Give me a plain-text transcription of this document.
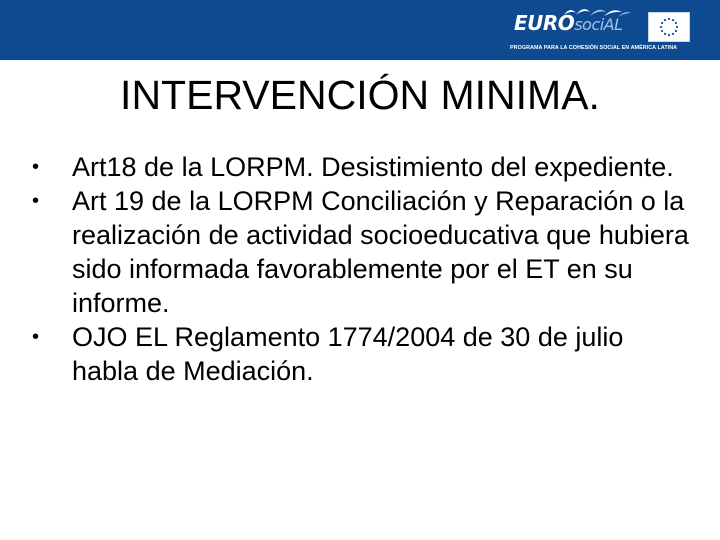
EUROsociAL
PROGRAMA PARA LA COHESIÓN SOCIAL EN AMÉRICA LATINA
INTERVENCIÓN MINIMA.
• Art18 de la LORPM. Desistimiento del expediente.
• Art 19 de la LORPM Conciliación y Reparación o la realización de actividad socioeducativa que hubiera sido informada favorablemente por el ET en su informe.
• OJO EL Reglamento 1774/2004 de 30 de julio habla de Mediación.
